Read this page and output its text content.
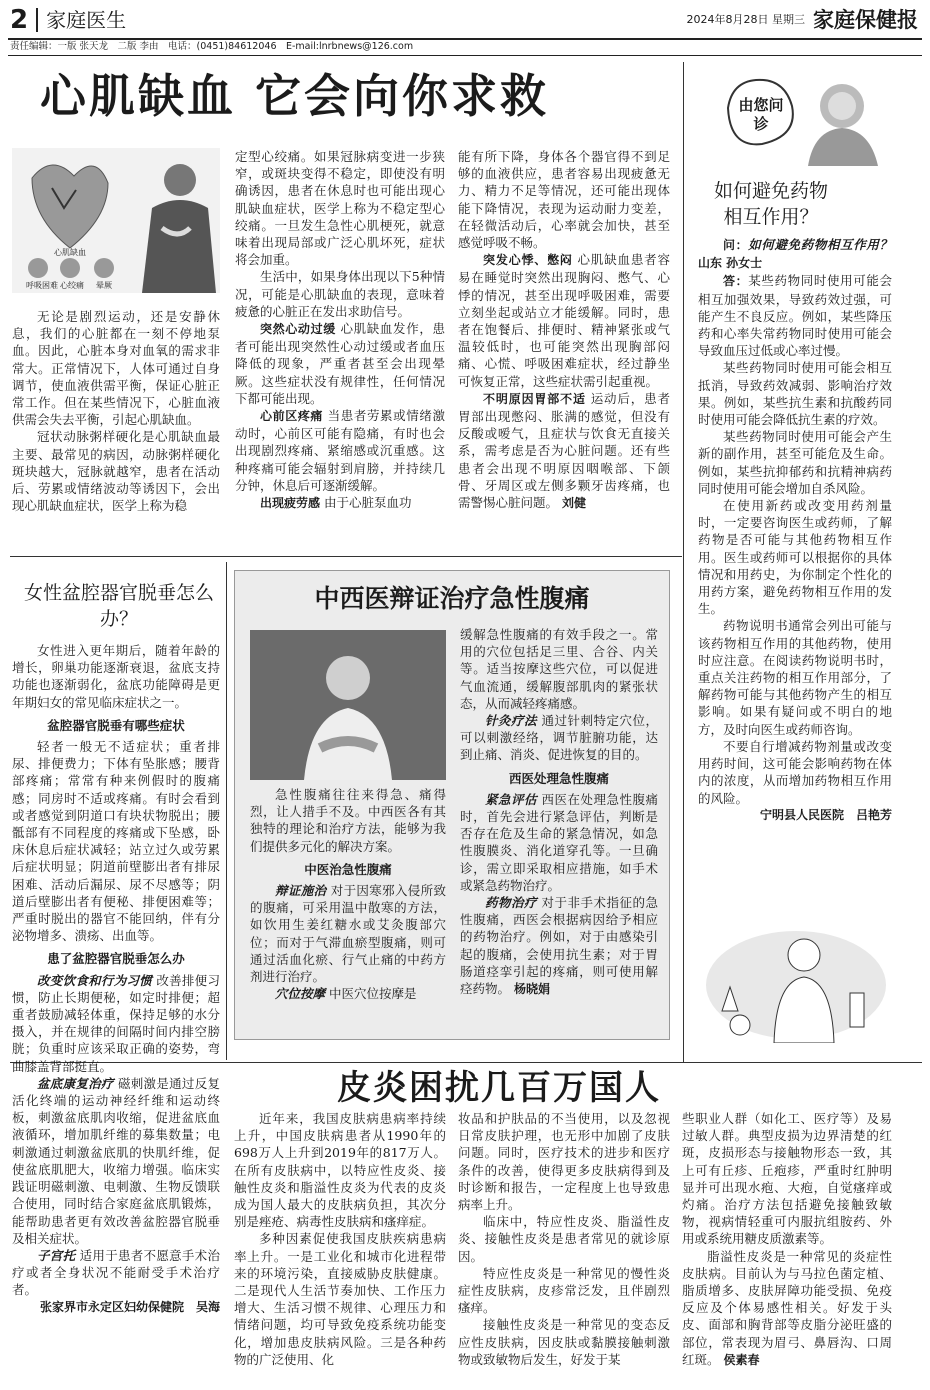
2 家庭医生	2024年8月28日 星期三 家庭保健报
责任编辑：一版 张天龙　二版 李由　电话：(0451)84612046　E-mail:lnrbnews@126.com
心肌缺血 它会向你求救
心肌缺血
呼吸困难 心绞痛 晕厥

无论是剧烈运动，还是安静休息，我们的心脏都在一刻不停地泵血。因此，心脏本身对血氧的需求非常大。正常情况下，人体可通过自身调节，使血液供需平衡，保证心脏正常工作。但在某些情况下，心脏血液供需会失去平衡，引起心肌缺血。

冠状动脉粥样硬化是心肌缺血最主要、最常见的病因，动脉粥样硬化斑块越大，冠脉就越窄，患者在活动后、劳累或情绪波动等诱因下，会出现心肌缺血症状，医学上称为稳

定型心绞痛。如果冠脉病变进一步狭窄，或斑块变得不稳定，即使没有明确诱因，患者在休息时也可能出现心肌缺血症状，医学上称为不稳定型心绞痛。一旦发生急性心肌梗死，就意味着出现局部或广泛心肌坏死，症状将会加重。

生活中，如果身体出现以下5种情况，可能是心肌缺血的表现，意味着疲惫的心脏正在发出求助信号。

突然心动过缓 心肌缺血发作，患者可能出现突然性心动过缓或者血压降低的现象，严重者甚至会出现晕厥。这些症状没有规律性，任何情况下都可能出现。

心前区疼痛 当患者劳累或情绪激动时，心前区可能有隐痛，有时也会出现剧烈疼痛、紧缩感或沉重感。这种疼痛可能会辐射到肩膀，并持续几分钟，休息后可逐渐缓解。

出现疲劳感 由于心脏泵血功

能有所下降，身体各个器官得不到足够的血液供应，患者容易出现疲惫无力、精力不足等情况，还可能出现体能下降情况，表现为运动耐力变差，在轻微活动后，心率就会加快，甚至感觉呼吸不畅。

突发心悸、憋闷 心肌缺血患者容易在睡觉时突然出现胸闷、憋气、心悸的情况，甚至出现呼吸困难，需要立刻坐起或站立才能缓解。同时，患者在饱餐后、排便时、精神紧张或气温较低时，也可能突然出现胸部闷痛、心慌、呼吸困难症状，经过静坐可恢复正常，这些症状需引起重视。

不明原因胃部不适 运动后，患者胃部出现憋闷、胀满的感觉，但没有反酸或嗳气，且症状与饮食无直接关系，需考虑是否为心脏问题。还有些患者会出现不明原因咽喉部、下颌骨、牙周区或左侧多颗牙齿疼痛，也需警惕心脏问题。 刘健

由您问诊
如何避免药物相互作用？

问：如何避免药物相互作用？ 山东 孙女士

答：某些药物同时使用可能会相互加强效果，导致药效过强，可能产生不良反应。例如，某些降压药和心率失常药物同时使用可能会导致血压过低或心率过慢。

某些药物同时使用可能会相互抵消，导致药效减弱、影响治疗效果。例如，某些抗生素和抗酸药同时使用可能会降低抗生素的疗效。

某些药物同时使用可能会产生新的副作用，甚至可能危及生命。例如，某些抗抑郁药和抗精神病药同时使用可能会增加自杀风险。

在使用新药或改变用药剂量时，一定要咨询医生或药师，了解药物是否可能与其他药物相互作用。医生或药师可以根据你的具体情况和用药史，为你制定个性化的用药方案，避免药物相互作用的发生。

药物说明书通常会列出可能与该药物相互作用的其他药物，使用时应注意。在阅读药物说明书时，重点关注药物的相互作用部分，了解药物可能与其他药物产生的相互影响。如果有疑问或不明白的地方，及时向医生或药师咨询。

不要自行增减药物剂量或改变用药时间，这可能会影响药物在体内的浓度，从而增加药物相互作用的风险。

宁明县人民医院　吕艳芳

女性盆腔器官脱垂怎么办？

女性进入更年期后，随着年龄的增长，卵巢功能逐渐衰退，盆底支持功能也逐渐弱化，盆底功能障碍是更年期妇女的常见临床症状之一。

盆腔器官脱垂有哪些症状

轻者一般无不适症状；重者排尿、排便费力；下体有坠胀感；腰背部疼痛；常常有种来例假时的腹痛感；同房时不适或疼痛。有时会看到或者感觉到阴道口有块状物脱出；腰骶部有不同程度的疼痛或下坠感，卧床休息后症状减轻；站立过久或劳累后症状明显；阴道前壁膨出者有排尿困难、活动后漏尿、尿不尽感等；阴道后壁膨出者有便秘、排便困难等；严重时脱出的器官不能回纳，伴有分泌物增多、溃疡、出血等。

患了盆腔器官脱垂怎么办

改变饮食和行为习惯 改善排便习惯，防止长期便秘，如定时排便；超重者鼓励减轻体重，保持足够的水分摄入，并在规律的间隔时间内排空膀胱；负重时应该采取正确的姿势，弯曲膝盖背部挺直。

盆底康复治疗 磁刺激是通过反复活化终端的运动神经纤维和运动终板，刺激盆底肌肉收缩，促进盆底血液循环，增加肌纤维的募集数量；电刺激通过刺激盆底肌的快肌纤维，促使盆底肌肥大，收缩力增强。临床实践证明磁刺激、电刺激、生物反馈联合使用，同时结合家庭盆底肌锻炼，能帮助患者更有效改善盆腔器官脱垂及相关症状。

子宫托 适用于患者不愿意手术治疗或者全身状况不能耐受手术治疗者。

张家界市永定区妇幼保健院　吴海

中西医辩证治疗急性腹痛

急性腹痛往往来得急、痛得烈，让人措手不及。中西医各有其独特的理论和治疗方法，能够为我们提供多元化的解决方案。

中医治急性腹痛

辩证施治 对于因寒邪入侵所致的腹痛，可采用温中散寒的方法，如饮用生姜红糖水或艾灸腹部穴位；而对于气滞血瘀型腹痛，则可通过活血化瘀、行气止痛的中药方剂进行治疗。

穴位按摩 中医穴位按摩是

缓解急性腹痛的有效手段之一。常用的穴位包括足三里、合谷、内关等。适当按摩这些穴位，可以促进气血流通，缓解腹部肌肉的紧张状态，从而减轻疼痛感。

针灸疗法 通过针刺特定穴位，可以刺激经络，调节脏腑功能，达到止痛、消炎、促进恢复的目的。

西医处理急性腹痛

紧急评估 西医在处理急性腹痛时，首先会进行紧急评估，判断是否存在危及生命的紧急情况，如急性腹膜炎、消化道穿孔等。一旦确诊，需立即采取相应措施，如手术或紧急药物治疗。

药物治疗 对于非手术指征的急性腹痛，西医会根据病因给予相应的药物治疗。例如，对于由感染引起的腹痛，会使用抗生素；对于胃肠道痉挛引起的疼痛，则可使用解痉药物。 杨晓娟

皮炎困扰几百万国人

近年来，我国皮肤病患病率持续上升，中国皮肤病患者从1990年的698万人上升到2019年的817万人。在所有皮肤病中，以特应性皮炎、接触性皮炎和脂溢性皮炎为代表的皮炎成为国人最大的皮肤病负担，其次分别是痤疮、病毒性皮肤病和瘙痒症。

多种因素促使我国皮肤疾病患病率上升。一是工业化和城市化进程带来的环境污染，直接威胁皮肤健康。二是现代人生活节奏加快、工作压力增大、生活习惯不规律、心理压力和情绪问题，均可导致免疫系统功能变化，增加患皮肤病风险。三是各种药物的广泛使用、化

妆品和护肤品的不当使用，以及忽视日常皮肤护理，也无形中加剧了皮肤问题。同时，医疗技术的进步和医疗条件的改善，使得更多皮肤病得到及时诊断和报告，一定程度上也导致患病率上升。

临床中，特应性皮炎、脂溢性皮炎、接触性皮炎是患者常见的就诊原因。

特应性皮炎是一种常见的慢性炎症性皮肤病，皮疹常泛发，且伴剧烈瘙痒。

接触性皮炎是一种常见的变态反应性皮肤病，因皮肤或黏膜接触刺激物或致敏物后发生，好发于某

些职业人群（如化工、医疗等）及易过敏人群。典型皮损为边界清楚的红斑，皮损形态与接触物形态一致，其上可有丘疹、丘疱疹，严重时红肿明显并可出现水疱、大疱，自觉瘙痒或灼痛。治疗方法包括避免接触致敏物，视病情轻重可内服抗组胺药、外用或系统用糖皮质激素等。

脂溢性皮炎是一种常见的炎症性皮肤病。目前认为与马拉色菌定植、脂质增多、皮肤屏障功能受损、免疫反应及个体易感性相关。好发于头皮、面部和胸背部等皮脂分泌旺盛的部位，常表现为眉弓、鼻唇沟、口周红斑。 侯素春
